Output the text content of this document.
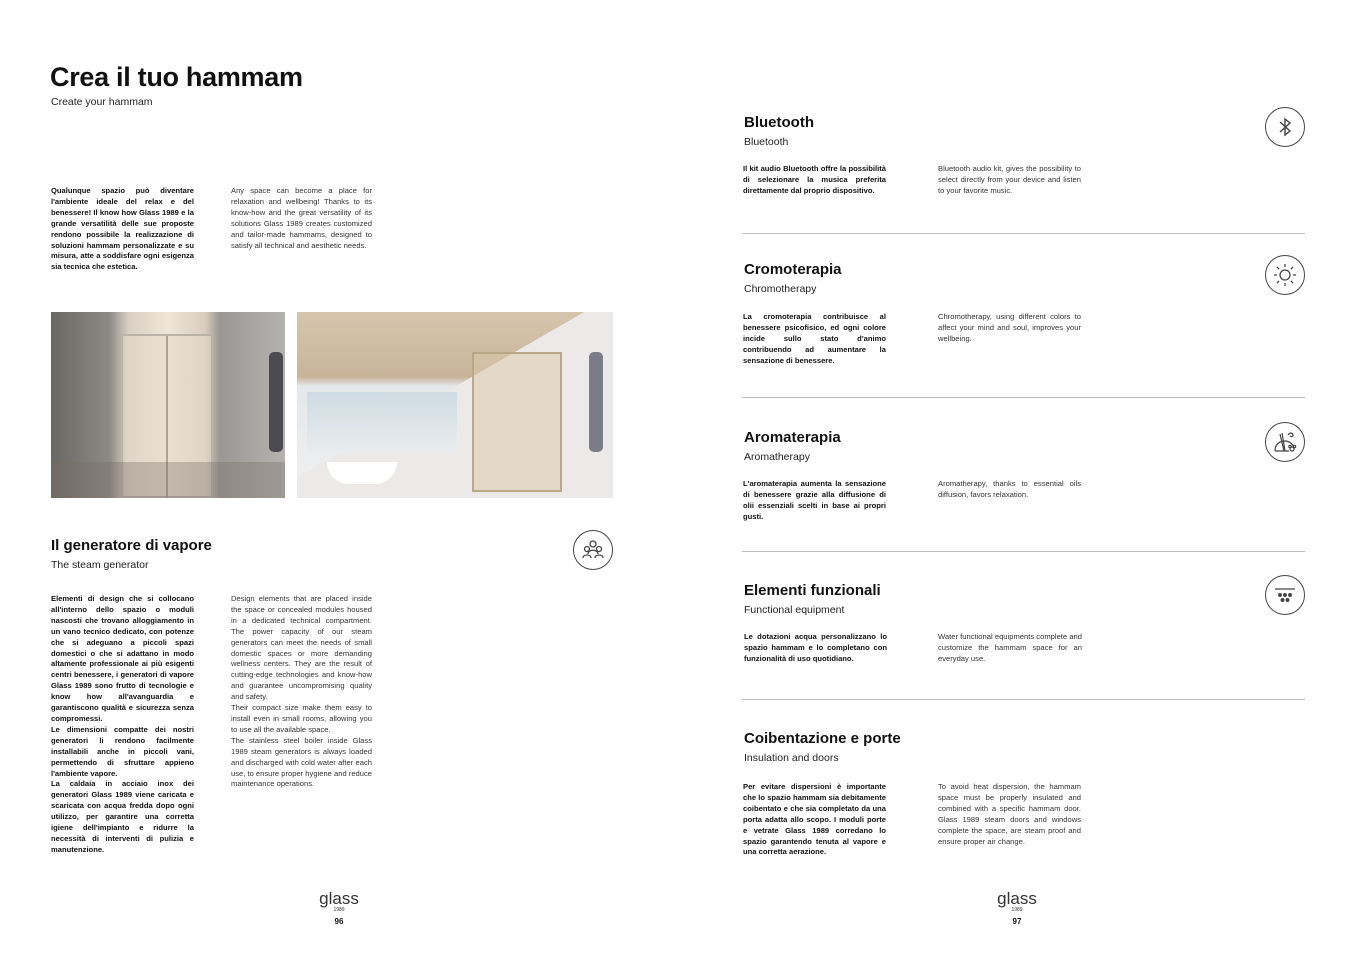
Crea il tuo hammam
Create your hammam
Qualunque spazio può diventare l'ambiente ideale del relax e del benessere! Il know how Glass 1989 e la grande versatilità delle sue proposte rendono possibile la realizzazione di soluzioni hammam personalizzate e su misura, atte a soddisfare ogni esigenza sia tecnica che estetica.
Any space can become a place for relaxation and wellbeing! Thanks to its know-how and the great versatility of its solutions Glass 1989 creates customized and tailor-made hammams, designed to satisfy all technical and aesthetic needs.
Il generatore di vapore
The steam generator
Elementi di design che si collocano all'interno dello spazio o moduli nascosti che trovano alloggiamento in un vano tecnico dedicato, con potenze che si adeguano a piccoli spazi domestici o che si adattano in modo altamente professionale ai più esigenti centri benessere, i generatori di vapore Glass 1989 sono frutto di tecnologie e know how all'avanguardia e garantiscono qualità e sicurezza senza compromessi.
Le dimensioni compatte dei nostri generatori li rendono facilmente installabili anche in piccoli vani, permettendo di sfruttare appieno l'ambiente vapore.
La caldaia in acciaio inox dei generatori Glass 1989 viene caricata e scaricata con acqua fredda dopo ogni utilizzo, per garantire una corretta igiene dell'impianto e ridurre la necessità di interventi di pulizia e manutenzione.
Design elements that are placed inside the space or concealed modules housed in a dedicated technical compartment. The power capacity of our steam generators can meet the needs of small domestic spaces or more demanding wellness centers. They are the result of cutting-edge technologies and know-how and guarantee uncompromising quality and safety.
Their compact size make them easy to install even in small rooms, allowing you to use all the available space.
The stainless steel boiler inside Glass 1989 steam generators is always loaded and discharged with cold water after each use, to ensure proper hygiene and reduce maintenance operations.
glass
1989
96
Bluetooth
Bluetooth
Il kit audio Bluetooth offre la possibilità di selezionare la musica preferita direttamente dal proprio dispositivo.
Bluetooth audio kit, gives the possibility to select directly from your device and listen to your favorite music.
Cromoterapia
Chromotherapy
La cromoterapia contribuisce al benessere psicofisico, ed ogni colore incide sullo stato d'animo contribuendo ad aumentare la sensazione di benessere.
Chromotherapy, using different colors to affect your mind and soul, improves your wellbeing.
Aromaterapia
Aromatherapy
L'aromaterapia aumenta la sensazione di benessere grazie alla diffusione di olii essenziali scelti in base ai propri gusti.
Aromatherapy, thanks to essential oils diffusion, favors relaxation.
Elementi funzionali
Functional equipment
Le dotazioni acqua personalizzano lo spazio hammam e lo completano con funzionalità di uso quotidiano.
Water functional equipments complete and customize the hammam space for an everyday use.
Coibentazione e porte
Insulation and doors
Per evitare dispersioni è importante che lo spazio hammam sia debitamente coibentato e che sia completato da una porta adatta allo scopo. I moduli porte e vetrate Glass 1989 corredano lo spazio garantendo tenuta al vapore e una corretta aerazione.
To avoid heat dispersion, the hammam space must be properly insulated and combined with a specific hammam door. Glass 1989 steam doors and windows complete the space, are steam proof and ensure proper air change.
glass
1989
97
